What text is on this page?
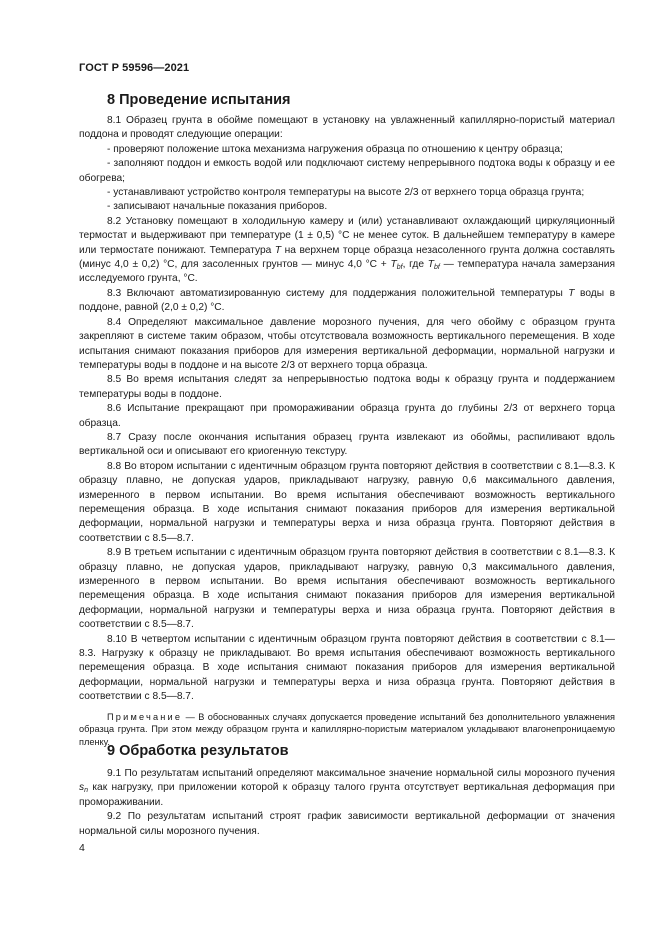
ГОСТ Р 59596—2021
8 Проведение испытания

8.1 Образец грунта в обойме помещают в установку на увлажненный капиллярно-пористый материал поддона и проводят следующие операции:

- проверяют положение штока механизма нагружения образца по отношению к центру образца;

- заполняют поддон и емкость водой или подключают систему непрерывного подтока воды к образцу и ее обогрева;

- устанавливают устройство контроля температуры на высоте 2/3 от верхнего торца образца грунта;

- записывают начальные показания приборов.

8.2 Установку помещают в холодильную камеру и (или) устанавливают охлаждающий циркуляционный термостат и выдерживают при температуре (1 ± 0,5) °С не менее суток. В дальнейшем температуру в камере или термостате понижают. Температура Т на верхнем торце образца незасоленного грунта должна составлять (минус 4,0 ± 0,2) °С, для засоленных грунтов — минус 4,0 $^\circ С + Т_{bf}$, где $Т_{bf}$ — температура начала замерзания исследуемого грунта, °С.

8.3 Включают автоматизированную систему для поддержания положительной температуры Т воды в поддоне, равной (2,0 ± 0,2) °С.

8.4 Определяют максимальное давление морозного пучения, для чего обойму с образцом грунта закрепляют в системе таким образом, чтобы отсутствовала возможность вертикального перемещения. В ходе испытания снимают показания приборов для измерения вертикальной деформации, нормальной нагрузки и температуры воды в поддоне и на высоте 2/3 от верхнего торца образца.

8.5 Во время испытания следят за непрерывностью подтока воды к образцу грунта и поддержанием температуры воды в поддоне.

8.6 Испытание прекращают при промораживании образца грунта до глубины 2/3 от верхнего торца образца.

8.7 Сразу после окончания испытания образец грунта извлекают из обоймы, распиливают вдоль вертикальной оси и описывают его криогенную текстуру.

8.8 Во втором испытании с идентичным образцом грунта повторяют действия в соответствии с 8.1—8.3. К образцу плавно, не допуская ударов, прикладывают нагрузку, равную 0,6 максимального давления, измеренного в первом испытании. Во время испытания обеспечивают возможность вертикального перемещения образца. В ходе испытания снимают показания приборов для измерения вертикальной деформации, нормальной нагрузки и температуры верха и низа образца грунта. Повторяют действия в соответствии с 8.5—8.7.

8.9 В третьем испытании с идентичным образцом грунта повторяют действия в соответствии с 8.1—8.3. К образцу плавно, не допуская ударов, прикладывают нагрузку, равную 0,3 максимального давления, измеренного в первом испытании. Во время испытания обеспечивают возможность вертикального перемещения образца. В ходе испытания снимают показания приборов для измерения вертикальной деформации, нормальной нагрузки и температуры верха и низа образца грунта. Повторяют действия в соответствии с 8.5—8.7.

8.10 В четвертом испытании с идентичным образцом грунта повторяют действия в соответствии с 8.1—8.3. Нагрузку к образцу не прикладывают. Во время испытания обеспечивают возможность вертикального перемещения образца. В ходе испытания снимают показания приборов для измерения вертикальной деформации, нормальной нагрузки и температуры верха и низа образца грунта. Повторяют действия в соответствии с 8.5—8.7.

Примечание — В обоснованных случаях допускается проведение испытаний без дополнительного увлажнения образца грунта. При этом между образцом грунта и капиллярно-пористым материалом укладывают влагонепроницаемую пленку.

9 Обработка результатов

9.1 По результатам испытаний определяют максимальное значение нормальной силы морозного пучения $s_n$ как нагрузку, при приложении которой к образцу талого грунта отсутствует вертикальная деформация при промораживании.

9.2 По результатам испытаний строят график зависимости вертикальной деформации от значения нормальной силы морозного пучения.

4
